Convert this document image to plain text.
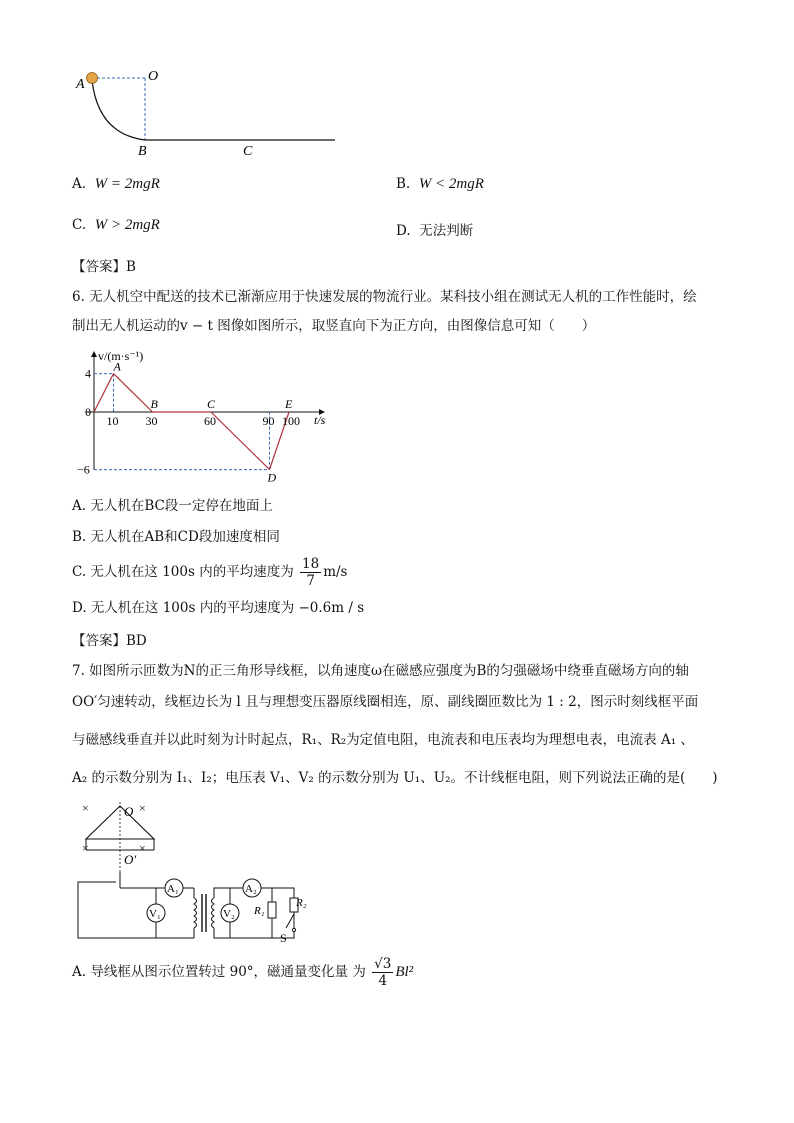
A
O
B	C
A. W = 2mgR	B. W < 2mgR
C. W > 2mgR	D. 无法判断
【答案】B
6. 无人机空中配送的技术已渐渐应用于快速发展的物流行业。某科技小组在测试无人机的工作性能时，绘
制出无人机运动的v − t 图像如图所示，取竖直向下为正方向，由图像信息可知（　　）
v/(m·s⁻¹)
t/s
10 30	60	90 100
4
0
−6
A
B	C
D
E
A. 无人机在BC段一定停在地面上
B. 无人机在AB和CD段加速度相同
C. 无人机在这 100s 内的平均速度为 $\frac{18}{7} m/s$
D. 无人机在这 100s 内的平均速度为 −0.6m / s
【答案】BD
7. 如图所示匝数为N的正三角形导线框，以角速度ω在磁感应强度为B的匀强磁场中绕垂直磁场方向的轴
OO′匀速转动，线框边长为 l 且与理想变压器原线圈相连，原、副线圈匝数比为 1 : 2，图示时刻线框平面
与磁感线垂直并以此时刻为计时起点，R₁、R₂为定值电阻，电流表和电压表均为理想电表，电流表 A₁ 、
A₂ 的示数分别为 I₁、I₂；电压表 V₁、V₂ 的示数分别为 U₁、U₂。不计线框电阻，则下列说法正确的是(　　)
×	×
×	×
O
O′
A₁
V₁
A₂
V₂ R₁
R₂
S
A. 导线框从图示位置转过 90°，磁通量变化量 为 $\frac{√3}{4} Bl^2$
